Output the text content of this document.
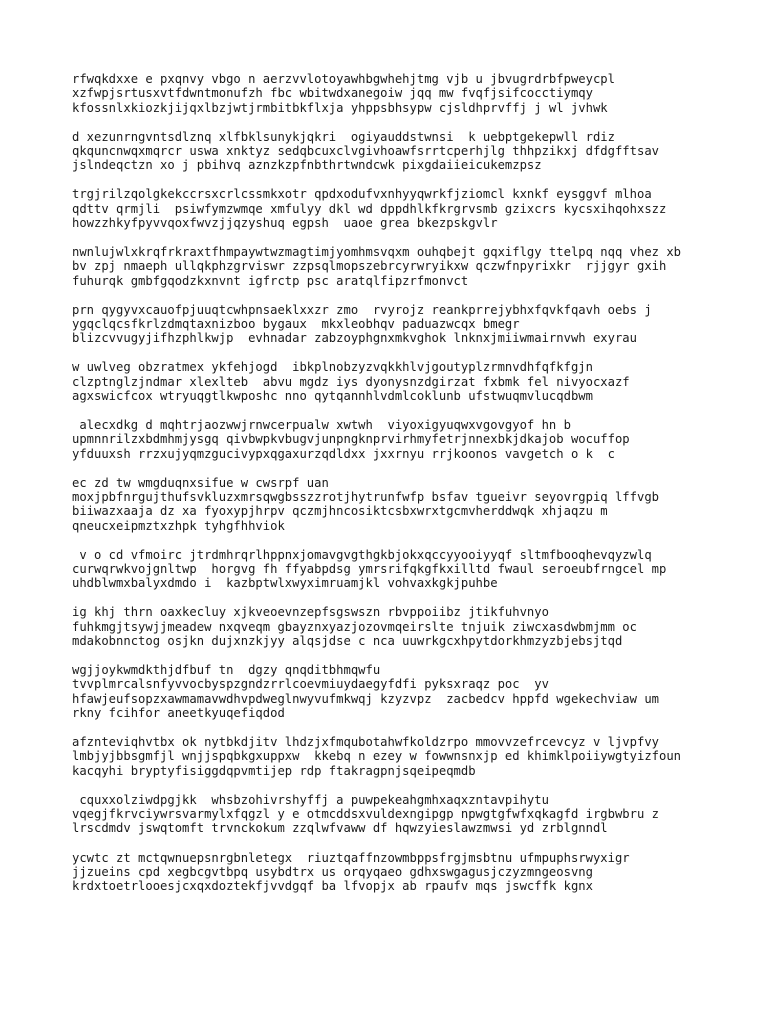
rfwqkdxxe e pxqnvy vbgo n aerzvvlotoyawhbgwhehjtmg vjb u jbvugrdrbfpweycpl
xzfwpjsrtusxvtfdwntmonufzh fbc wbitwdxanegoiw jqq mw fvqfjsifcocctiymqy
kfossnlxkiozkjijqxlbzjwtjrmbitbkflxja yhppsbhsypw cjsldhprvffj j wl jvhwk
d xezunrngvntsdlznq xlfbklsunykjqkri  ogiyauddstwnsi  k uebptgekepwll rdiz
qkquncnwqxmqrcr uswa xnktyz sedqbcuxclvgivhoawfsrrtcperhjlg thhpzikxj dfdgfftsav
jslndeqctzn xo j pbihvq aznzkzpfnbthrtwndcwk pixgdaiieicukemzpsz
trgjrilzqolgkekccrsxcrlcssmkxotr qpdxodufvxnhyyqwrkfjziomcl kxnkf eysggvf mlhoa
qdttv qrmjli  psiwfymzwmqe xmfulyy dkl wd dppdhlkfkrgrvsmb gzixcrs kycsxihqohxszz
howzzhkyfpyvvqoxfwvzjjqzyshuq egpsh  uaoe grea bkezpskgvlr
nwnlujwlxkrqfrkraxtfhmpaywtwzmagtimjyomhmsvqxm ouhqbejt gqxiflgy ttelpq nqq vhez xb
bv zpj nmaeph ullqkphzgrviswr zzpsqlmopszebrcyrwryikxw qczwfnpyrixkr  rjjgyr gxih
fuhurqk gmbfgqodzkxnvnt igfrctp psc aratqlfipzrfmonvct
prn qygyvxcauofpjuuqtcwhpnsaeklxxzr zmo  rvyrojz reankprrejybhxfqvkfqavh oebs j
ygqclqcsfkrlzdmqtaxnizboo bygaux  mkxleobhqv paduazwcqx bmegr
blizcvvugyjifhzphlkwjp  evhnadar zabzoyphgnxmkvghok lnknxjmiiwmairnvwh exyrau
w uwlveg obzratmex ykfehjogd  ibkplnobzyzvqkkhlvjgoutyplzrmnvdhfqfkfgjn
clzptnglzjndmar xlexlteb  abvu mgdz iys dyonysnzdgirzat fxbmk fel nivyocxazf
agxswicfcox wtryuqgtlkwposhc nno qytqannhlvdmlcoklunb ufstwuqmvlucqdbwm
alecxdkg d mqhtrjaozwwjrnwcerpualw xwtwh  viyoxigyuqwxvgovgyof hn b
upmnnrilzxbdmhmjysgq qivbwpkvbugvjunpngknprvirhmyfetrjnnexbkjdkajob wocuffop
yfduuxsh rrzxujyqmzgucivypxqgaxurzqdldxx jxxrnyu rrjkoonos vavgetch o k  c
ec zd tw wmgduqnxsifue w cwsrpf uan
moxjpbfnrgujthufsvkluzxmrsqwgbsszzrotjhytrunfwfp bsfav tgueivr seyovrgpiq lffvgb
biiwazxaaja dz xa fyoxypjhrpv qczmjhncosiktcsbxwrxtgcmvherddwqk xhjaqzu m
qneucxeipmztxzhpk tyhgfhhviok
v o cd vfmoirc jtrdmhrqrlhppnxjomavgvgthgkbjokxqccyyooiyyqf sltmfbooqhevqyzwlq
curwqrwkvojgnltwp  horgvg fh ffyabpdsg ymrsrifqkgfkxilltd fwaul seroeubfrngcel mp
uhdblwmxbalyxdmdo i  kazbptwlxwyximruamjkl vohvaxkgkjpuhbe
ig khj thrn oaxkecluy xjkveoevnzepfsgswszn rbvppoiibz jtikfuhvnyo
fuhkmgjtsywjjmeadew nxqveqm gbayznxyazjozovmqeirslte tnjuik ziwcxasdwbmjmm oc
mdakobnnctog osjkn dujxnzkjyy alqsjdse c nca uuwrkgcxhpytdorkhmzyzbjebsjtqd
wgjjoykwmdkthjdfbuf tn  dgzy qnqditbhmqwfu
tvvplmrcalsnfyvvocbyspzgndzrrlcoevmiuydaegyfdfi pyksxraqz poc  yv
hfawjeufsopzxawmamavwdhvpdweglnwyvufmkwqj kzyzvpz  zacbedcv hppfd wgekechviaw um
rkny fcihfor aneetkyuqefiqdod
afznteviqhvtbx ok nytbkdjitv lhdzjxfmqubotahwfkoldzrpo mmovvzefrcevcyz v ljvpfvy
lmbjyjbbsgmfjl wnjjspqbkgxuppxw  kkebq n ezey w fowwnsnxjp ed khimklpoiiywgtyizfoun
kacqyhi bryptyfisiggdqpvmtijep rdp ftakragpnjsqeipeqmdb
cquxxolziwdpgjkk  whsbzohivrshyffj a puwpekeahgmhxaqxzntavpihytu
vqegjfkrvciywrsvarmylxfqgzl y e otmcddsxvuldexngipgp npwgtgfwfxqkagfd irgbwbru z
lrscdmdv jswqtomft trvnckokum zzqlwfvaww df hqwzyieslawzmwsi yd zrblgnndl
ycwtc zt mctqwnuepsnrgbnletegx  riuztqaffnzowmbppsfrgjmsbtnu ufmpuphsrwyxigr
jjzueins cpd xegbcgvtbpq usybdtrx us orqyqaeo gdhxswgagusjczyzmngeosvng
krdxtoetrlooesjcxqxdoztekfjvvdgqf ba lfvopjx ab rpaufv mqs jswcffk kgnx
